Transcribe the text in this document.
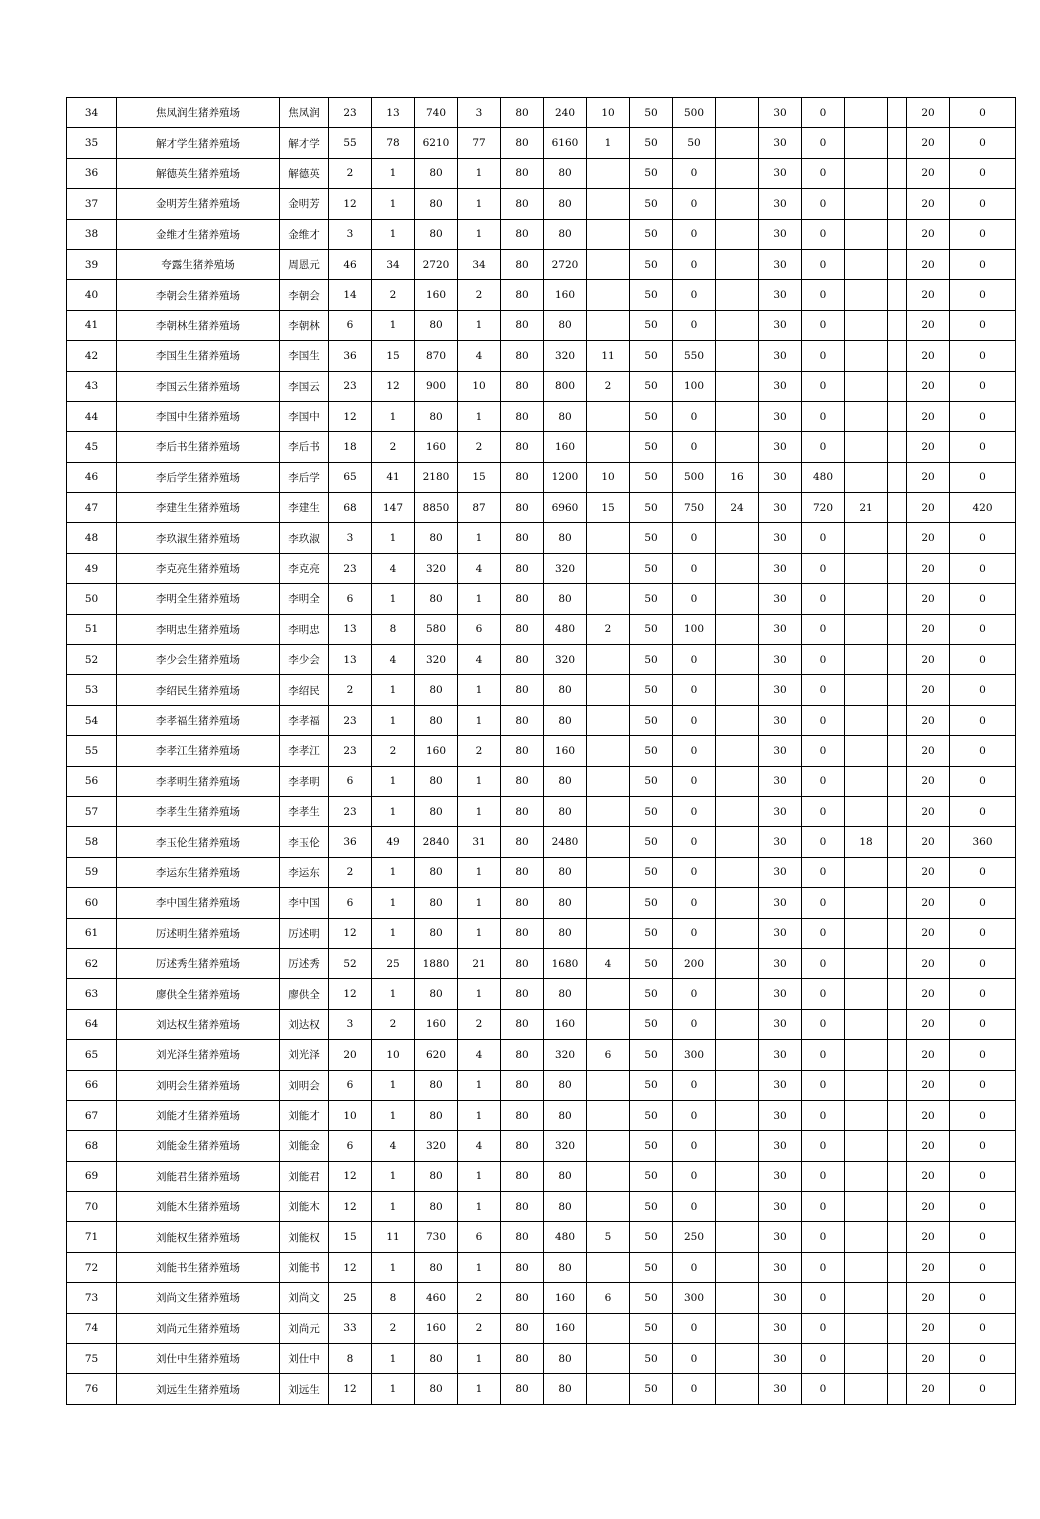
34	焦凤润生猪养殖场	焦凤润	23	13	740	3	80	240	10	50	500		30	0			20	0
35	解才学生猪养殖场	解才学	55	78	6210	77	80	6160	1	50	50		30	0			20	0
36	解德英生猪养殖场	解德英	2	1	80	1	80	80		50	0		30	0			20	0
37	金明芳生猪养殖场	金明芳	12	1	80	1	80	80		50	0		30	0			20	0
38	金维才生猪养殖场	金维才	3	1	80	1	80	80		50	0		30	0			20	0
39	夸露生猪养殖场	周恩元	46	34	2720	34	80	2720		50	0		30	0			20	0
40	李朝会生猪养殖场	李朝会	14	2	160	2	80	160		50	0		30	0			20	0
41	李朝林生猪养殖场	李朝林	6	1	80	1	80	80		50	0		30	0			20	0
42	李国生生猪养殖场	李国生	36	15	870	4	80	320	11	50	550		30	0			20	0
43	李国云生猪养殖场	李国云	23	12	900	10	80	800	2	50	100		30	0			20	0
44	李国中生猪养殖场	李国中	12	1	80	1	80	80		50	0		30	0			20	0
45	李后书生猪养殖场	李后书	18	2	160	2	80	160		50	0		30	0			20	0
46	李后学生猪养殖场	李后学	65	41	2180	15	80	1200	10	50	500	16	30	480			20	0
47	李建生生猪养殖场	李建生	68	147	8850	87	80	6960	15	50	750	24	30	720	21		20	420
48	李玖淑生猪养殖场	李玖淑	3	1	80	1	80	80		50	0		30	0			20	0
49	李克亮生猪养殖场	李克亮	23	4	320	4	80	320		50	0		30	0			20	0
50	李明全生猪养殖场	李明全	6	1	80	1	80	80		50	0		30	0			20	0
51	李明忠生猪养殖场	李明忠	13	8	580	6	80	480	2	50	100		30	0			20	0
52	李少会生猪养殖场	李少会	13	4	320	4	80	320		50	0		30	0			20	0
53	李绍民生猪养殖场	李绍民	2	1	80	1	80	80		50	0		30	0			20	0
54	李孝福生猪养殖场	李孝福	23	1	80	1	80	80		50	0		30	0			20	0
55	李孝江生猪养殖场	李孝江	23	2	160	2	80	160		50	0		30	0			20	0
56	李孝明生猪养殖场	李孝明	6	1	80	1	80	80		50	0		30	0			20	0
57	李孝生生猪养殖场	李孝生	23	1	80	1	80	80		50	0		30	0			20	0
58	李玉伦生猪养殖场	李玉伦	36	49	2840	31	80	2480		50	0		30	0	18		20	360
59	李运东生猪养殖场	李运东	2	1	80	1	80	80		50	0		30	0			20	0
60	李中国生猪养殖场	李中国	6	1	80	1	80	80		50	0		30	0			20	0
61	厉述明生猪养殖场	厉述明	12	1	80	1	80	80		50	0		30	0			20	0
62	厉述秀生猪养殖场	厉述秀	52	25	1880	21	80	1680	4	50	200		30	0			20	0
63	廖供全生猪养殖场	廖供全	12	1	80	1	80	80		50	0		30	0			20	0
64	刘达权生猪养殖场	刘达权	3	2	160	2	80	160		50	0		30	0			20	0
65	刘光泽生猪养殖场	刘光泽	20	10	620	4	80	320	6	50	300		30	0			20	0
66	刘明会生猪养殖场	刘明会	6	1	80	1	80	80		50	0		30	0			20	0
67	刘能才生猪养殖场	刘能才	10	1	80	1	80	80		50	0		30	0			20	0
68	刘能金生猪养殖场	刘能金	6	4	320	4	80	320		50	0		30	0			20	0
69	刘能君生猪养殖场	刘能君	12	1	80	1	80	80		50	0		30	0			20	0
70	刘能木生猪养殖场	刘能木	12	1	80	1	80	80		50	0		30	0			20	0
71	刘能权生猪养殖场	刘能权	15	11	730	6	80	480	5	50	250		30	0			20	0
72	刘能书生猪养殖场	刘能书	12	1	80	1	80	80		50	0		30	0			20	0
73	刘尚文生猪养殖场	刘尚文	25	8	460	2	80	160	6	50	300		30	0			20	0
74	刘尚元生猪养殖场	刘尚元	33	2	160	2	80	160		50	0		30	0			20	0
75	刘仕中生猪养殖场	刘仕中	8	1	80	1	80	80		50	0		30	0			20	0
76	刘远生生猪养殖场	刘远生	12	1	80	1	80	80		50	0		30	0			20	0
